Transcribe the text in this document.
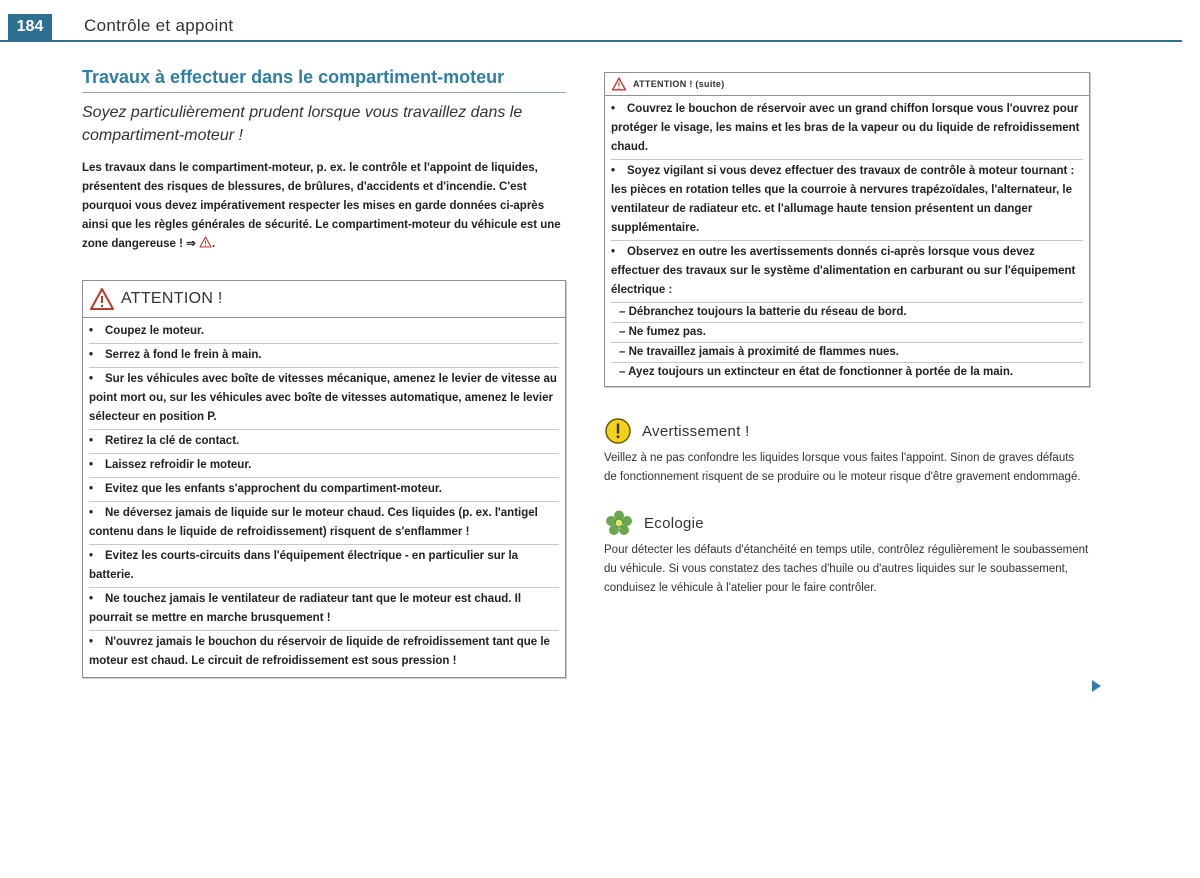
184	Contrôle et appoint
Travaux à effectuer dans le compartiment-moteur

Soyez particulièrement prudent lorsque vous travaillez dans le compartiment-moteur !

Les travaux dans le compartiment-moteur, p. ex. le contrôle et l'appoint de liquides, présentent des risques de blessures, de brûlures, d'accidents et d'incendie. C'est pourquoi vous devez impérativement respecter les mises en garde données ci-après ainsi que les règles générales de sécurité. Le compartiment-moteur du véhicule est une zone dangereuse ! ⇒ .

ATTENTION !
• Coupez le moteur.
• Serrez à fond le frein à main.
• Sur les véhicules avec boîte de vitesses mécanique, amenez le levier de vitesse au point mort ou, sur les véhicules avec boîte de vitesses automatique, amenez le levier sélecteur en position P.
• Retirez la clé de contact.
• Laissez refroidir le moteur.
• Evitez que les enfants s'approchent du compartiment-moteur.
• Ne déversez jamais de liquide sur le moteur chaud. Ces liquides (p. ex. l'antigel contenu dans le liquide de refroidissement) risquent de s'enflammer !
• Evitez les courts-circuits dans l'équipement électrique - en particulier sur la batterie.
• Ne touchez jamais le ventilateur de radiateur tant que le moteur est chaud. Il pourrait se mettre en marche brusquement !
• N'ouvrez jamais le bouchon du réservoir de liquide de refroidissement tant que le moteur est chaud. Le circuit de refroidissement est sous pression !
ATTENTION ! (suite)
• Couvrez le bouchon de réservoir avec un grand chiffon lorsque vous l'ouvrez pour protéger le visage, les mains et les bras de la vapeur ou du liquide de refroidissement chaud.
• Soyez vigilant si vous devez effectuer des travaux de contrôle à moteur tournant : les pièces en rotation telles que la courroie à nervures trapézoïdales, l'alternateur, le ventilateur de radiateur etc. et l'allumage haute tension présentent un danger supplémentaire.
• Observez en outre les avertissements donnés ci-après lorsque vous devez effectuer des travaux sur le système d'alimentation en carburant ou sur l'équipement électrique :
– Débranchez toujours la batterie du réseau de bord.
– Ne fumez pas.
– Ne travaillez jamais à proximité de flammes nues.
– Ayez toujours un extincteur en état de fonctionner à portée de la main.
Avertissement !

Veillez à ne pas confondre les liquides lorsque vous faites l'appoint. Sinon de graves défauts de fonctionnement risquent de se produire ou le moteur risque d'être gravement endommagé.

Ecologie

Pour détecter les défauts d'étanchéité en temps utile, contrôlez régulièrement le soubassement du véhicule. Si vous constatez des taches d'huile ou d'autres liquides sur le soubassement, conduisez le véhicule à l'atelier pour le faire contrôler.
